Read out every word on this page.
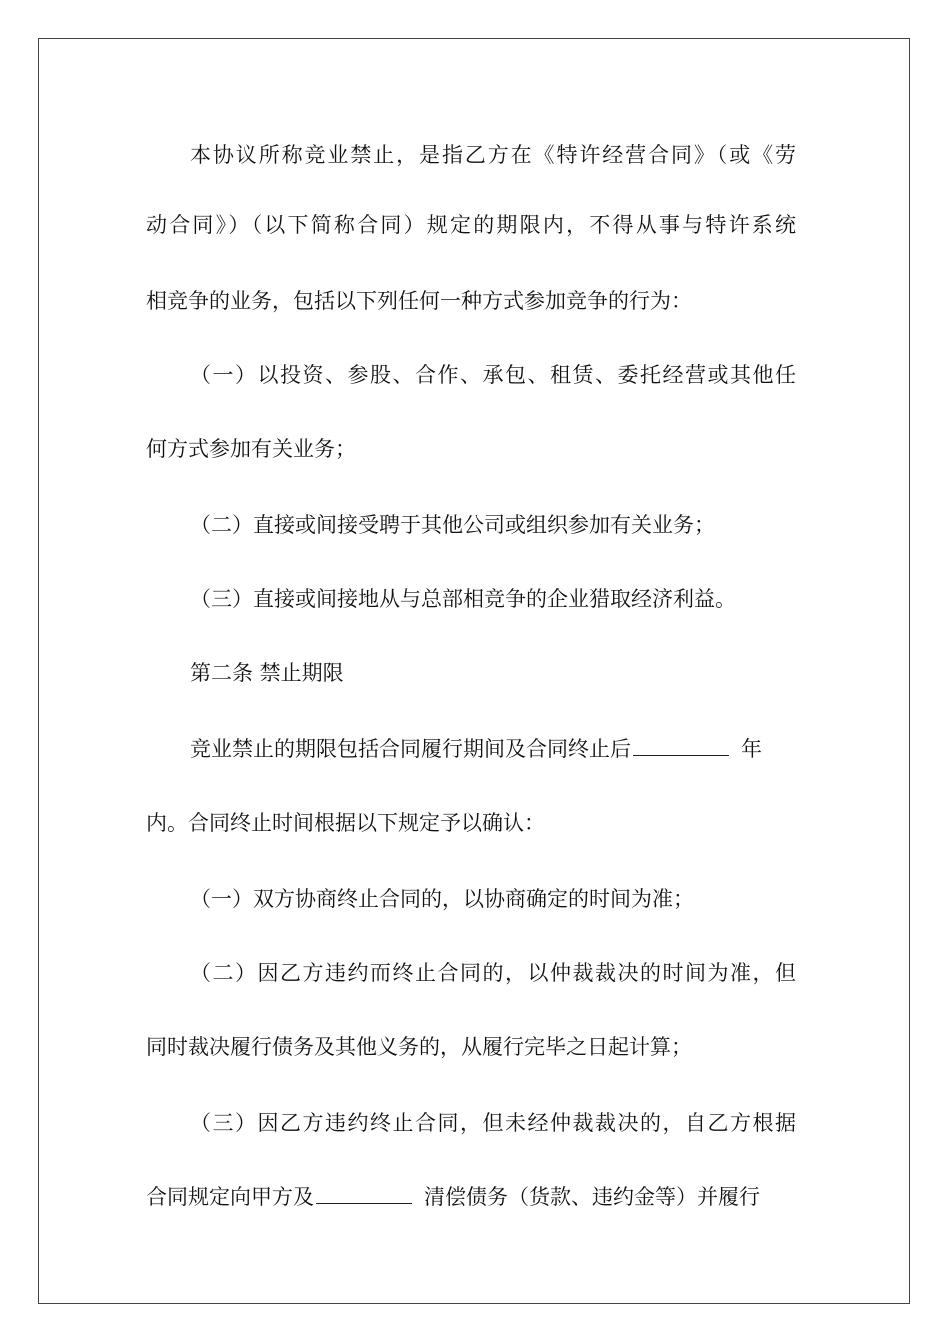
本协议所称竞业禁止，是指乙方在《特许经营合同》（或《劳
动合同》）（以下简称合同）规定的期限内，不得从事与特许系统
相竞争的业务，包括以下列任何一种方式参加竞争的行为：
（一）以投资、参股、合作、承包、租赁、委托经营或其他任
何方式参加有关业务；
（二）直接或间接受聘于其他公司或组织参加有关业务；
（三）直接或间接地从与总部相竞争的企业猎取经济利益。
第二条 禁止期限
竞业禁止的期限包括合同履行期间及合同终止后	年
内。合同终止时间根据以下规定予以确认：
（一）双方协商终止合同的，以协商确定的时间为准；
（二）因乙方违约而终止合同的，以仲裁裁决的时间为准，但
同时裁决履行债务及其他义务的，从履行完毕之日起计算；
（三）因乙方违约终止合同，但未经仲裁裁决的，自乙方根据
合同规定向甲方及	清偿债务（货款、违约金等）并履行
